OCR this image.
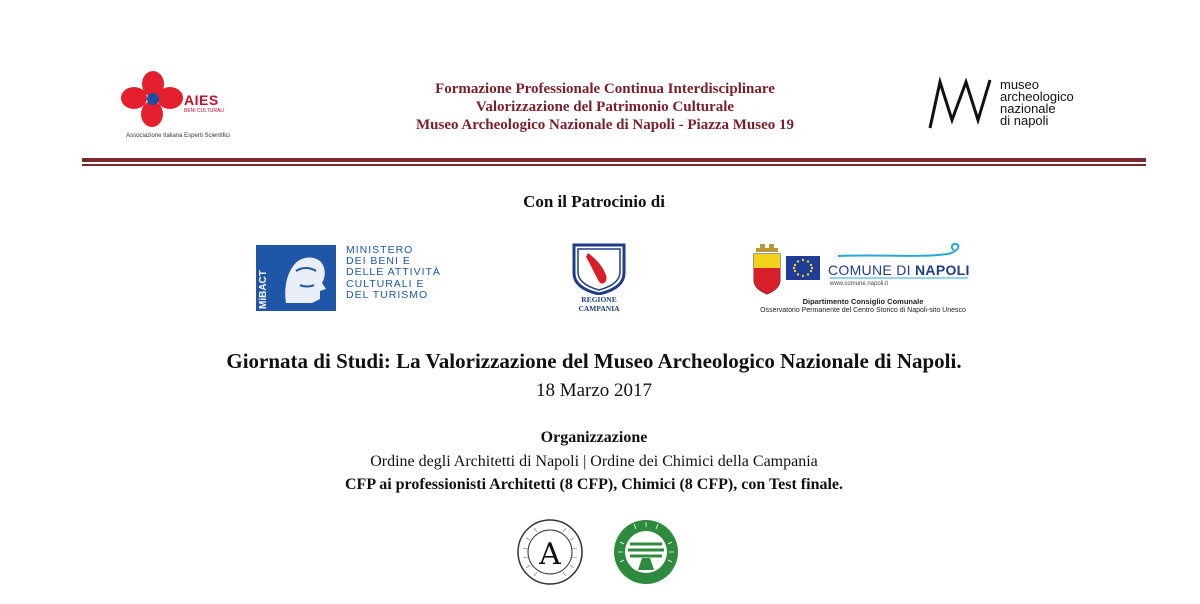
AIES
BENI CULTURALI
Associazione Italiana Esperti Scientifici
Formazione Professionale Continua Interdisciplinare
Valorizzazione del Patrimonio Culturale
Museo Archeologico Nazionale di Napoli - Piazza Museo 19
museo
archeologico
nazionale
di napoli
Con il Patrocinio di
MiBACT
MINISTERO
DEI BENI E
DELLE ATTIVITÀ
CULTURALI E
DEL TURISMO	REGIONE CAMPANIA
COMUNE DI NAPOLI
www.comune.napoli.it
Dipartimento Consiglio Comunale
Osservatorio Permanente del Centro Storico di Napoli-sito Unesco
Giornata di Studi: La Valorizzazione del Museo Archeologico Nazionale di Napoli.
18 Marzo 2017
Organizzazione
Ordine degli Architetti di Napoli | Ordine dei Chimici della Campania
CFP ai professionisti Architetti (8 CFP), Chimici (8 CFP), con Test finale.
A
